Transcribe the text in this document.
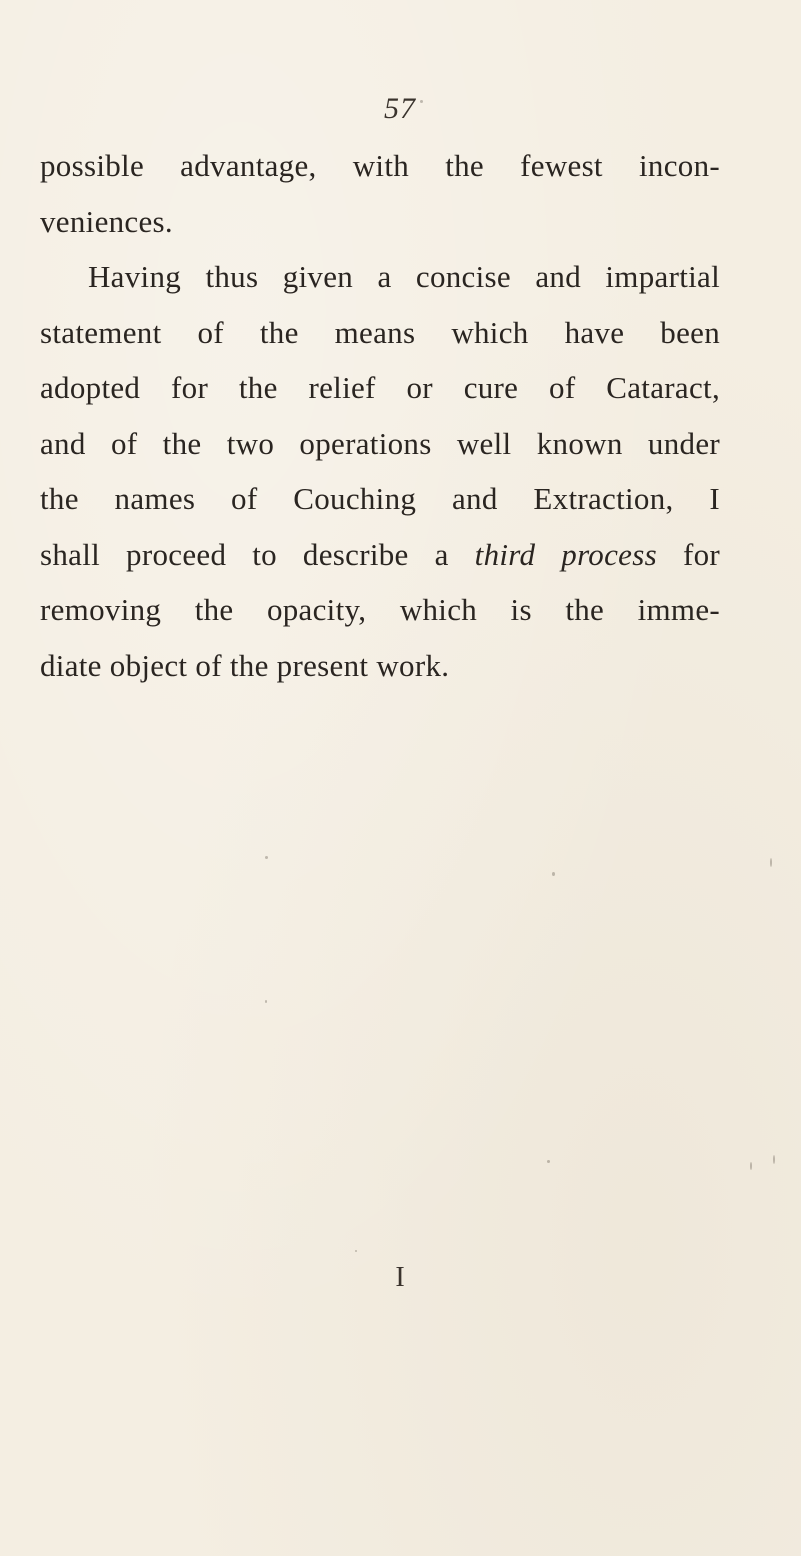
57
possible advantage, with the fewest incon-
veniences.
Having thus given a concise and impartial
statement of the means which have been
adopted for the relief or cure of Cataract,
and of the two operations well known under
the names of Couching and Extraction, I
shall proceed to describe a third process for
removing the opacity, which is the imme-
diate object of the present work.
I
